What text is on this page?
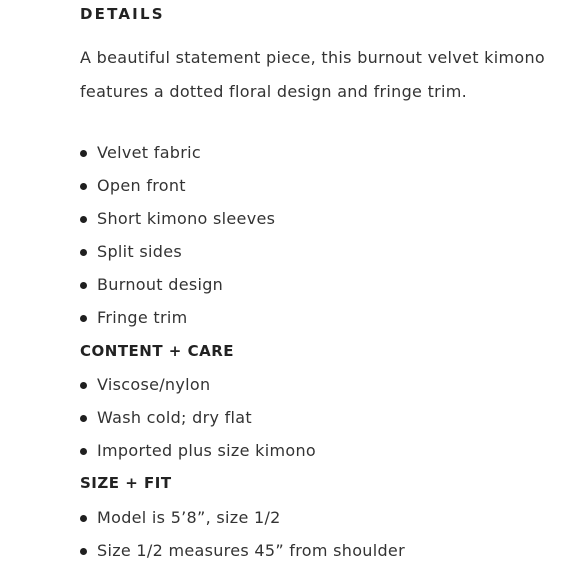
DETAILS

A beautiful statement piece, this burnout velvet kimono features a dotted floral design and fringe trim.

Velvet fabric
Open front
Short kimono sleeves
Split sides
Burnout design
Fringe trim
CONTENT + CARE
Viscose/nylon
Wash cold; dry flat
Imported plus size kimono
SIZE + FIT
Model is 5’8”, size 1/2
Size 1/2 measures 45” from shoulder
